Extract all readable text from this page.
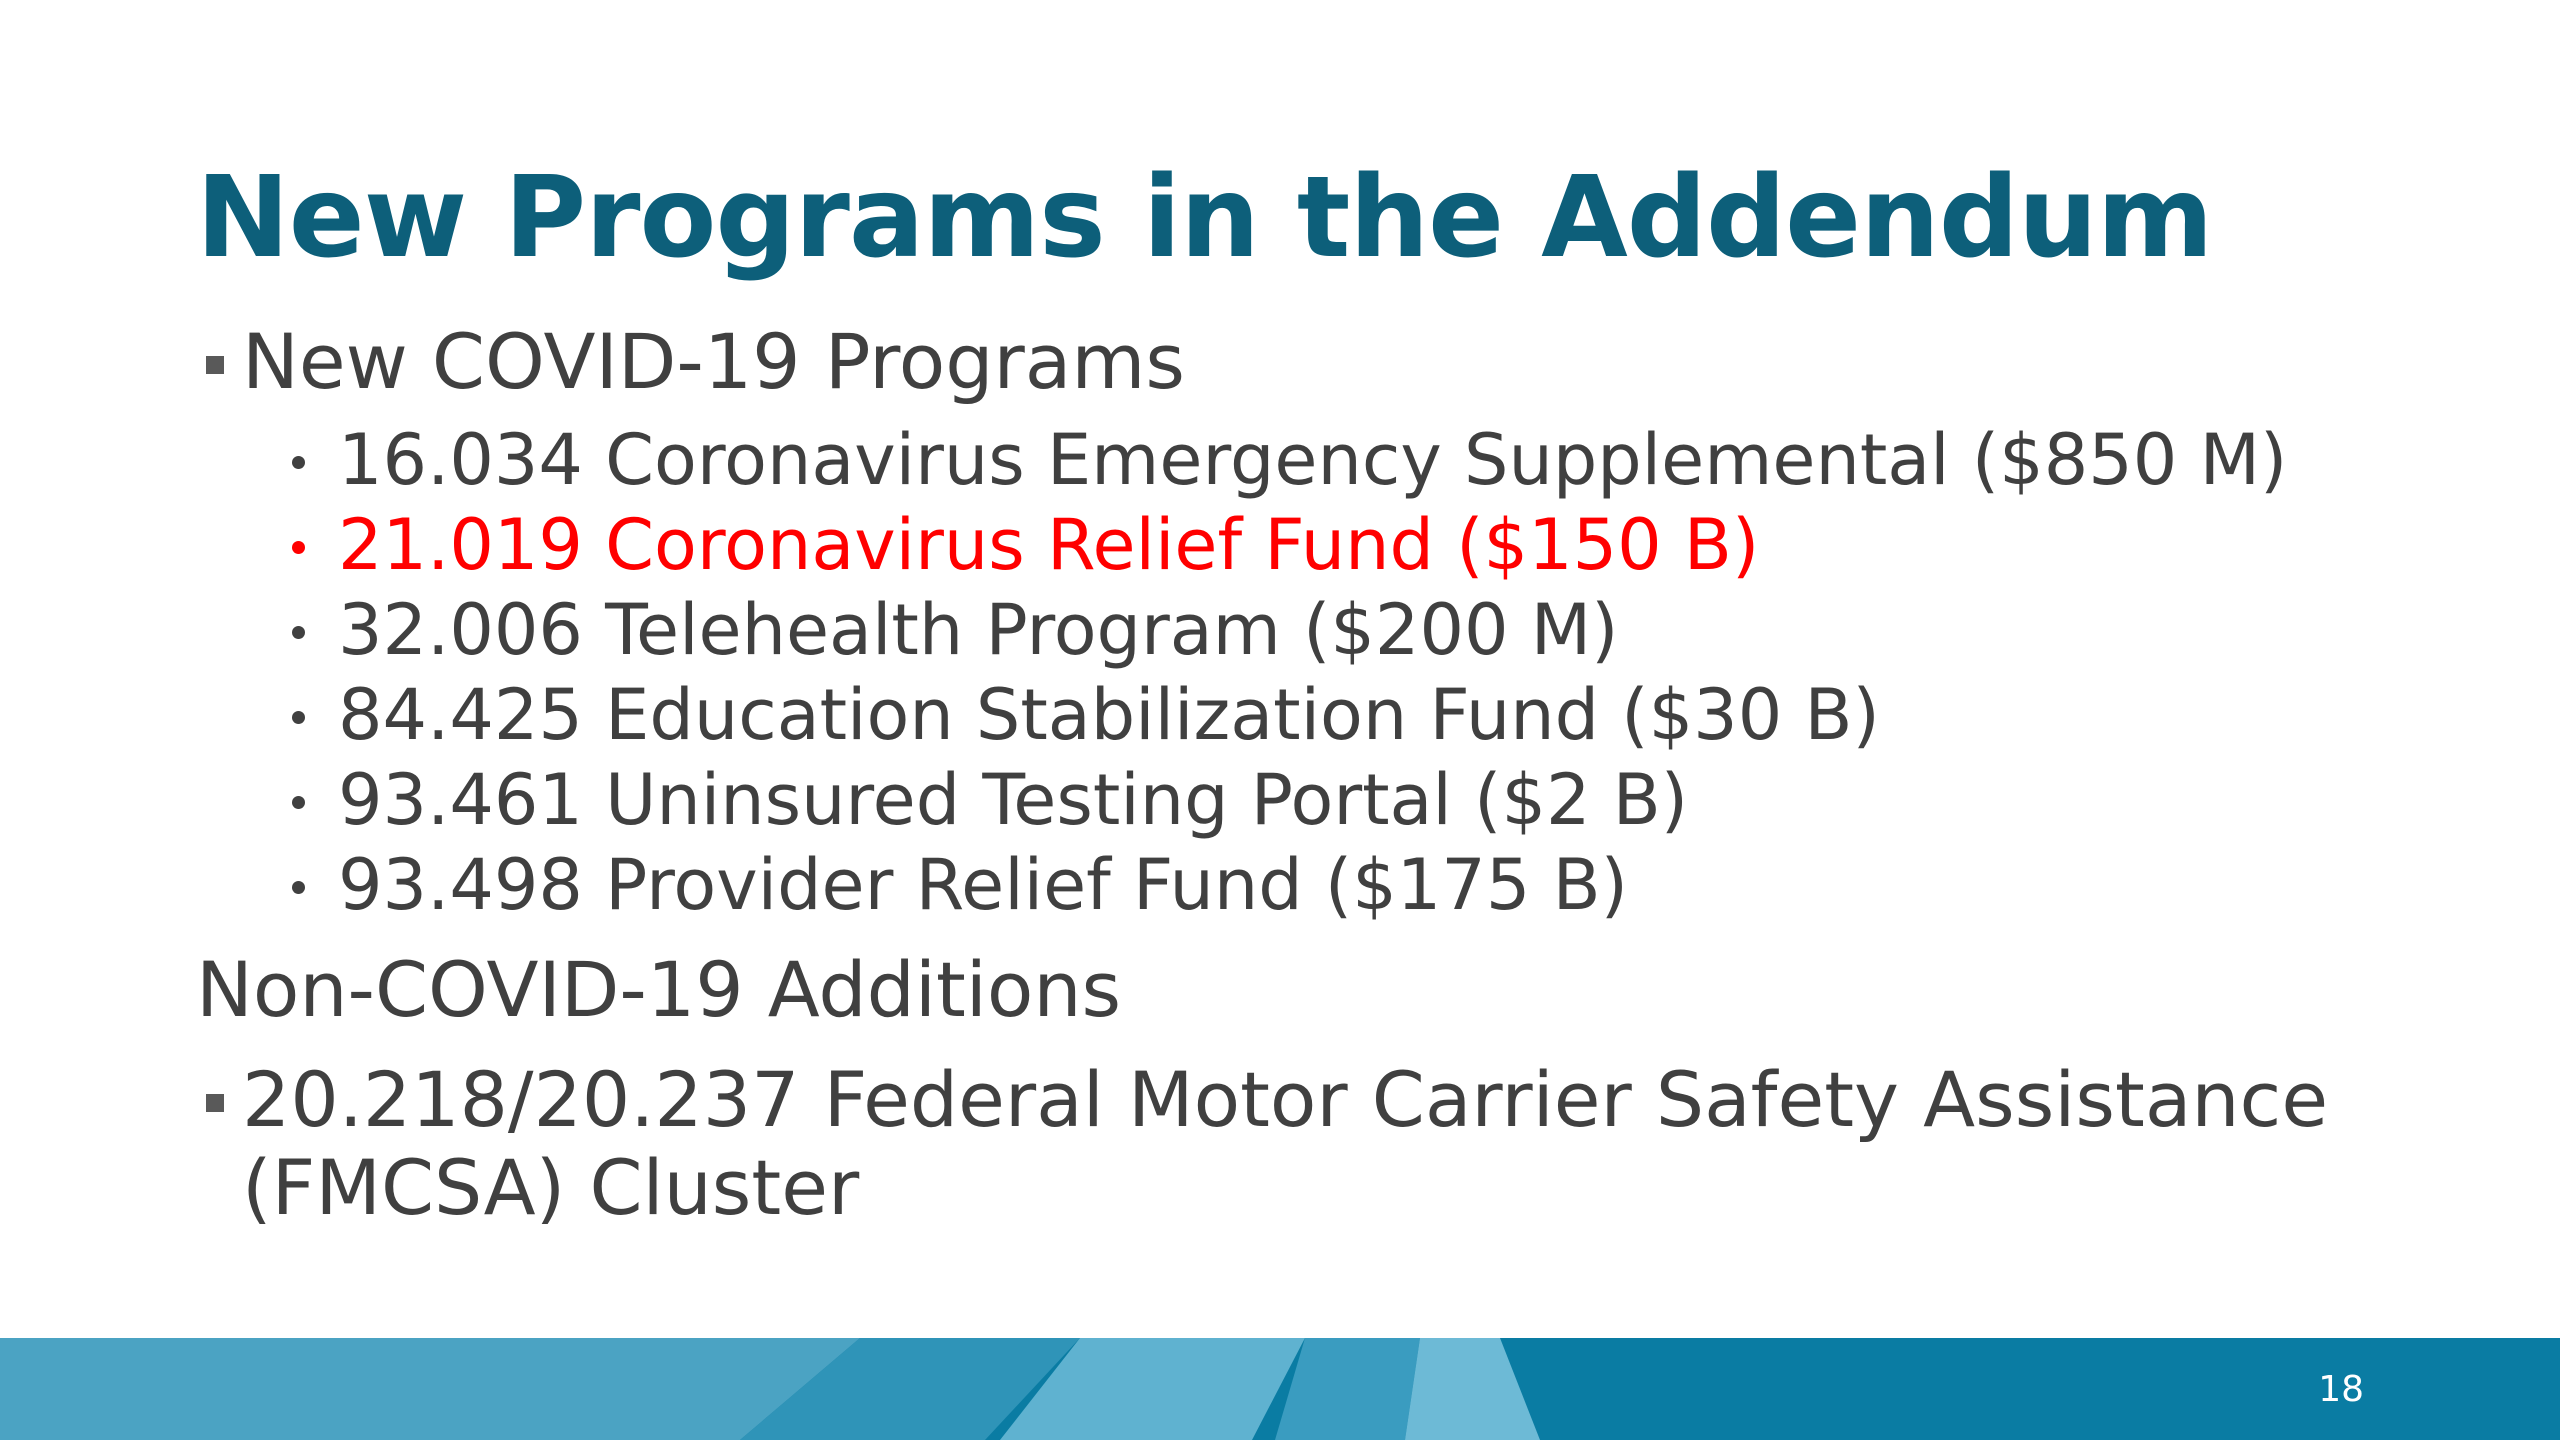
New Programs in the Addendum
New COVID-19 Programs
16.034 Coronavirus Emergency Supplemental ($850 M)
21.019 Coronavirus Relief Fund ($150 B)
32.006 Telehealth Program ($200 M)
84.425 Education Stabilization Fund ($30 B)
93.461 Uninsured Testing Portal ($2 B)
93.498 Provider Relief Fund ($175 B)
Non-COVID-19 Additions
20.218/20.237 Federal Motor Carrier Safety Assistance (FMCSA) Cluster
18
